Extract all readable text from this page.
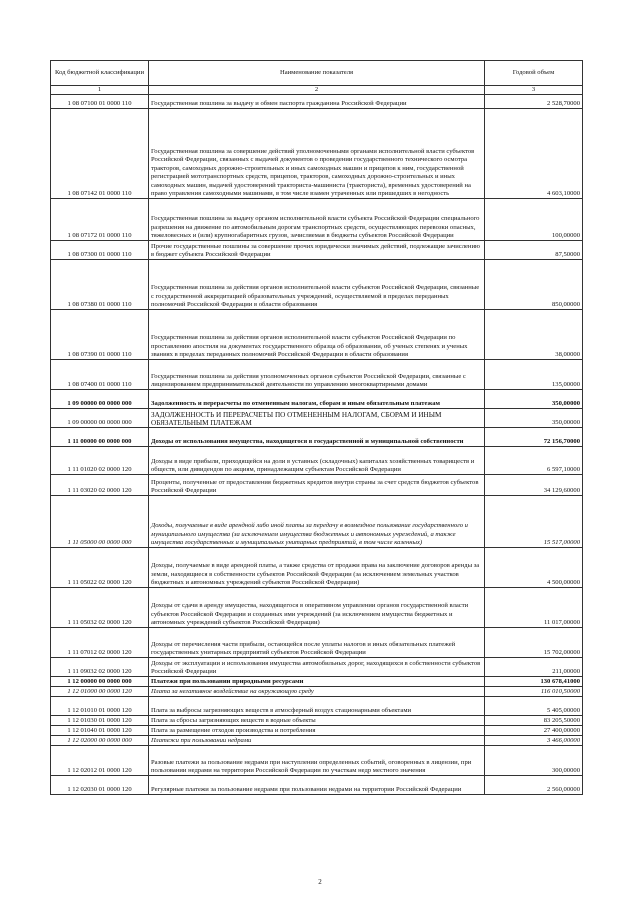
Код бюджетной классификации	Наименование показателя	Годовой объем
1	2	3
1 08 07100 01 0000 110	Государственная пошлина за выдачу и обмен паспорта гражданина Российской Федерации	2 528,70000
1 08 07142 01 0000 110	Государственная пошлина за совершение действий уполномоченными органами исполнительной власти субъектов Российской Федерации, связанных с выдачей документов о проведении государственного технического осмотра тракторов, самоходных дорожно-строительных и иных самоходных машин и прицепов к ним, государственной регистрацией мототранспортных средств, прицепов, тракторов, самоходных дорожно-строительных и иных самоходных машин, выдачей удостоверений тракториста-машиниста (тракториста), временных удостоверений на право управления самоходными машинами, в том числе взамен утраченных или пришедших в негодность	4 603,10000
1 08 07172 01 0000 110	Государственная пошлина за выдачу органом исполнительной власти субъекта Российской Федерации специального разрешения на движение по автомобильным дорогам транспортных средств, осуществляющих перевозки опасных, тяжеловесных и (или) крупногабаритных грузов, зачисляемая в бюджеты субъектов Российской Федерации	100,00000
1 08 07300 01 0000 110	Прочие государственные пошлины за совершение прочих юридически значимых действий, подлежащие зачислению в бюджет субъекта Российской Федерации	87,50000
1 08 07380 01 0000 110	Государственная пошлина за действия органов исполнительной власти субъектов Российской Федерации, связанные с государственной аккредитацией образовательных учреждений, осуществляемой в пределах переданных полномочий Российской Федерации в области образования	850,00000
1 08 07390 01 0000 110	Государственная пошлина за действия органов исполнительной власти субъектов Российской Федерации по проставлению апостиля на документах государственного образца об образовании, об ученых степенях и ученых званиях в пределах переданных полномочий Российской Федерации в области образования	38,00000
1 08 07400 01 0000 110	Государственная пошлина за действия уполномоченных органов субъектов Российской Федерации, связанные с лицензированием предпринимательской деятельности по управлению многоквартирными домами	135,00000
1 09 00000 00 0000 000	Задолженность и перерасчеты по отмененным налогам, сборам и иным обязательным платежам	350,00000
1 09 00000 00 0000 000	ЗАДОЛЖЕННОСТЬ И ПЕРЕРАСЧЕТЫ ПО ОТМЕНЕННЫМ НАЛОГАМ, СБОРАМ И ИНЫМ ОБЯЗАТЕЛЬНЫМ ПЛАТЕЖАМ	350,00000
1 11 00000 00 0000 000	Доходы от использования имущества, находящегося в государственной и муниципальной собственности	72 156,70000
1 11 01020 02 0000 120	Доходы в виде прибыли, приходящейся на доли в уставных (складочных) капиталах хозяйственных товариществ и обществ, или дивидендов по акциям, принадлежащим субъектам Российской Федерации	6 597,10000
1 11 03020 02 0000 120	Проценты, полученные от предоставления бюджетных кредитов внутри страны за счет средств бюджетов субъектов Российской Федерации	34 129,60000
1 11 05000 00 0000 000	Доходы, получаемые в виде арендной либо иной платы за передачу в возмездное пользование государственного и муниципального имущества (за исключением имущества бюджетных и автономных учреждений, а также имущества государственных и муниципальных унитарных предприятий, в том числе казенных)	15 517,00000
1 11 05022 02 0000 120	Доходы, получаемые в виде арендной платы, а также средства от продажи права на заключение договоров аренды за земли, находящиеся в собственности субъектов Российской Федерации (за исключением земельных участков бюджетных и автономных учреждений субъектов Российской Федерации)	4 500,00000
1 11 05032 02 0000 120	Доходы от сдачи в аренду имущества, находящегося в оперативном управлении органов государственной власти субъектов Российской Федерации и созданных ими учреждений (за исключением имущества бюджетных и автономных учреждений субъектов Российской Федерации)	11 017,00000
1 11 07012 02 0000 120	Доходы от перечисления части прибыли, остающейся после уплаты налогов и иных обязательных платежей государственных унитарных предприятий субъектов Российской Федерации	15 702,00000
1 11 09032 02 0000 120	Доходы от эксплуатации и использования имущества автомобильных дорог, находящихся в собственности субъектов Российской Федерации	211,00000
1 12 00000 00 0000 000	Платежи при пользовании природными ресурсами	130 678,41000
1 12 01000 00 0000 120	Плата за негативное воздействие на окружающую среду	116 010,50000
1 12 01010 01 0000 120	Плата за выбросы загрязняющих веществ в атмосферный воздух стационарными объектами	5 405,00000
1 12 01030 01 0000 120	Плата за сбросы загрязняющих веществ в водные объекты	83 205,50000
1 12 01040 01 0000 120	Плата за размещение отходов производства и потребления	27 400,00000
1 12 02000 00 0000 000	Платежи при пользовании недрами	3 466,00000
1 12 02012 01 0000 120	Разовые платежи за пользование недрами при наступлении определенных событий, оговоренных в лицензии, при пользовании недрами на территории Российской Федерации по участкам недр местного значения	300,00000
1 12 02030 01 0000 120	Регулярные платежи за пользование недрами при пользовании недрами на территории Российской Федерации	2 560,00000
2
